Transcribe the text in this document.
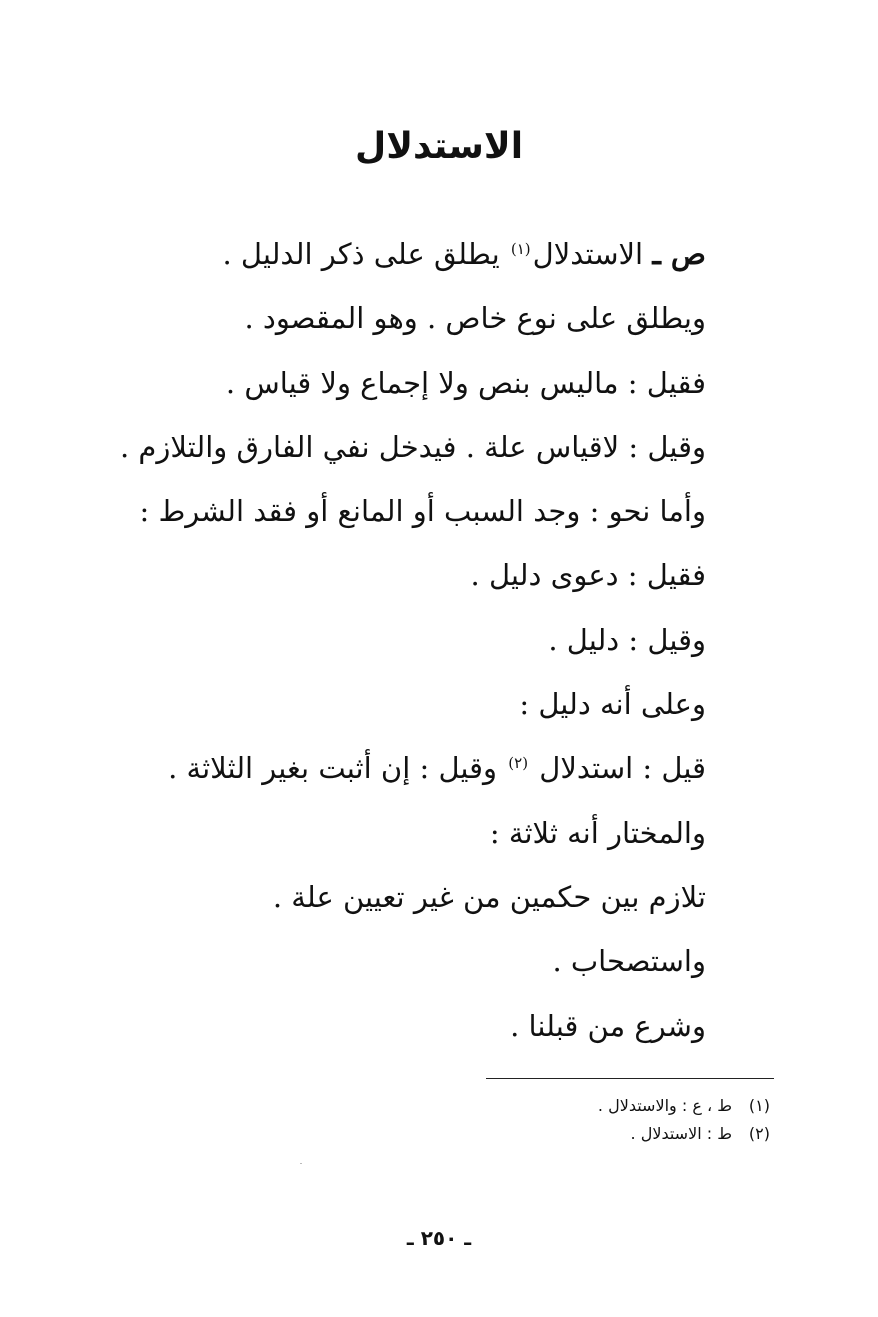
الاستدلال
ص ـ الاستدلال$^{(١)}$ يطلق على ذكر الدليل .
ويطلق على نوع خاص . وهو المقصود .
فقيل : ماليس بنص ولا إجماع ولا قياس .
وقيل : لاقياس علة . فيدخل نفي الفارق والتلازم .
وأما نحو : وجد السبب أو المانع أو فقد الشرط :
فقيل : دعوى دليل .
وقيل : دليل .
وعلى أنه دليل :
قيل : استدلال $^{(٢)}$ وقيل : إن أثبت بغير الثلاثة .
والمختار أنه ثلاثة :
تلازم بين حكمين من غير تعيين علة .
واستصحاب .
وشرع من قبلنا .
(١)ط ، ع : والاستدلال .
(٢)ط : الاستدلال .
ـ ٢٥٠ ـ
